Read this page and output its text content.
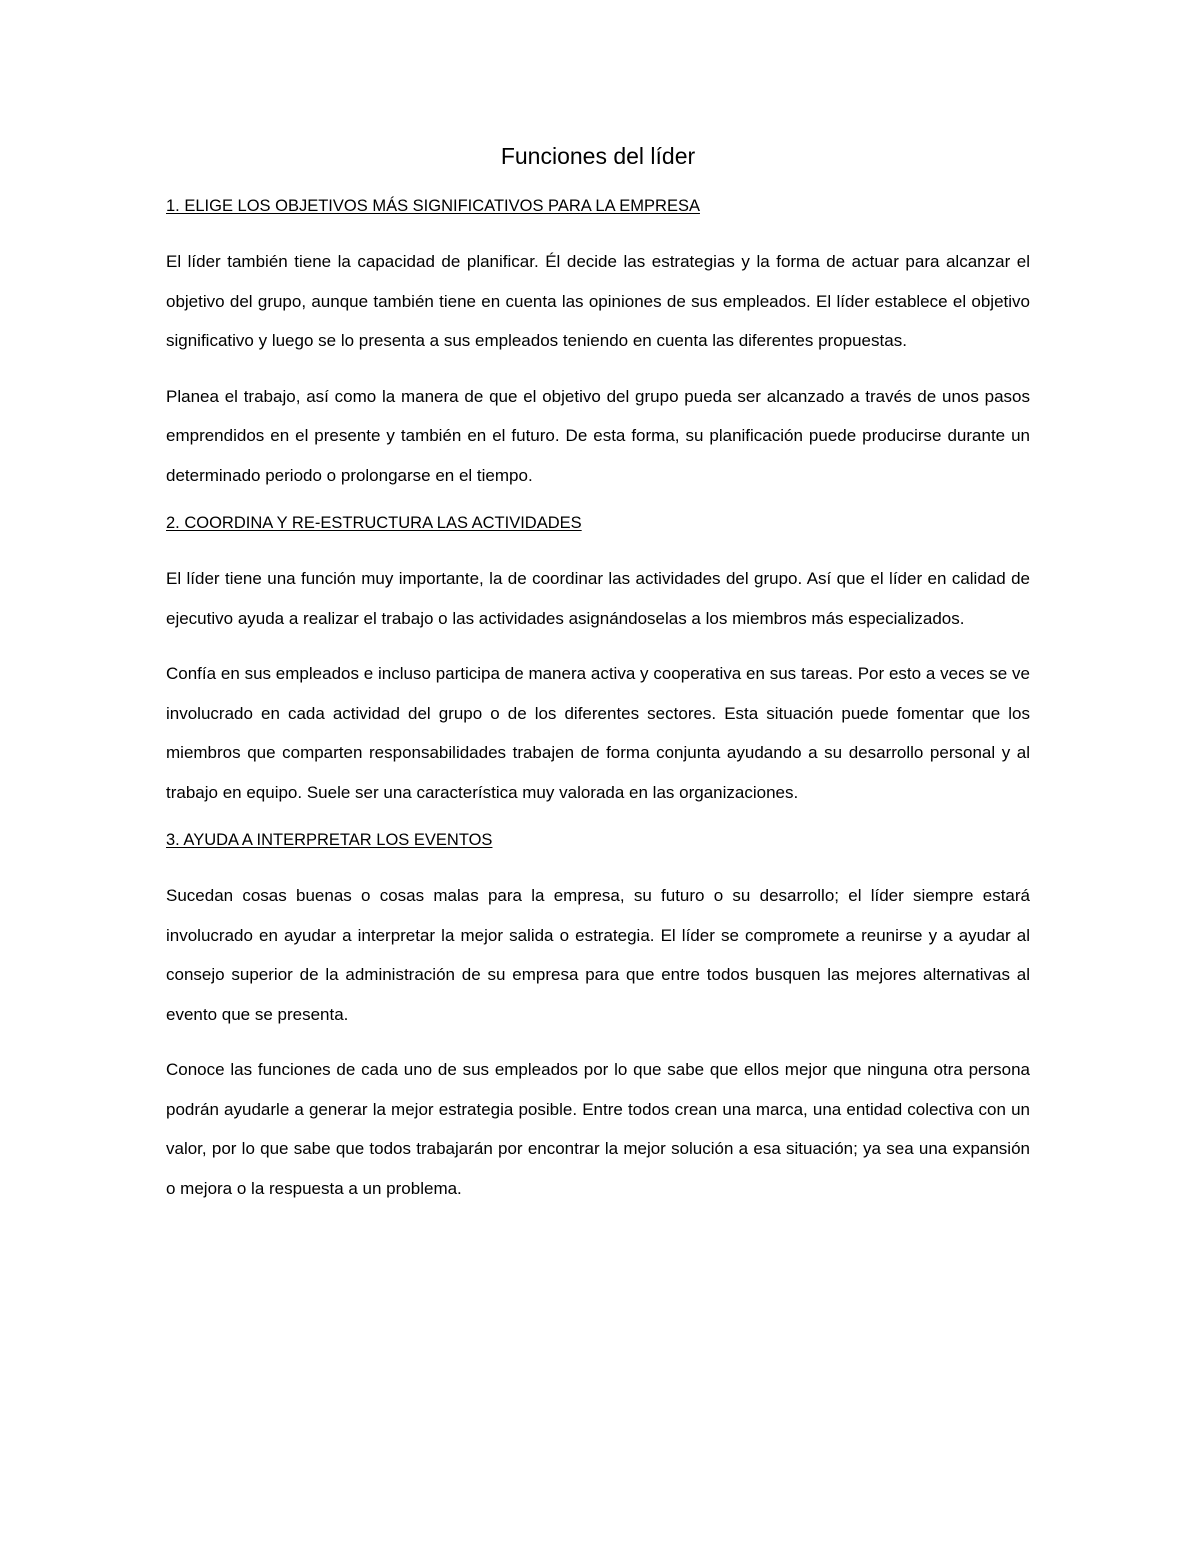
Funciones del líder
1. ELIGE LOS OBJETIVOS MÁS SIGNIFICATIVOS PARA LA EMPRESA

El líder también tiene la capacidad de planificar. Él decide las estrategias y la forma de actuar para alcanzar el objetivo del grupo, aunque también tiene en cuenta las opiniones de sus empleados. El líder establece el objetivo significativo y luego se lo presenta a sus empleados teniendo en cuenta las diferentes propuestas.

Planea el trabajo, así como la manera de que el objetivo del grupo pueda ser alcanzado a través de unos pasos emprendidos en el presente y también en el futuro. De esta forma, su planificación puede producirse durante un determinado periodo o prolongarse en el tiempo.

2. COORDINA Y RE-ESTRUCTURA LAS ACTIVIDADES

El líder tiene una función muy importante, la de coordinar las actividades del grupo. Así que el líder en calidad de ejecutivo ayuda a realizar el trabajo o las actividades asignándoselas a los miembros más especializados.

Confía en sus empleados e incluso participa de manera activa y cooperativa en sus tareas. Por esto a veces se ve involucrado en cada actividad del grupo o de los diferentes sectores. Esta situación puede fomentar que los miembros que comparten responsabilidades trabajen de forma conjunta ayudando a su desarrollo personal y al trabajo en equipo. Suele ser una característica muy valorada en las organizaciones.

3. AYUDA A INTERPRETAR LOS EVENTOS

Sucedan cosas buenas o cosas malas para la empresa, su futuro o su desarrollo; el líder siempre estará involucrado en ayudar a interpretar la mejor salida o estrategia. El líder se compromete a reunirse y a ayudar al consejo superior de la administración de su empresa para que entre todos busquen las mejores alternativas al evento que se presenta.

Conoce las funciones de cada uno de sus empleados por lo que sabe que ellos mejor que ninguna otra persona podrán ayudarle a generar la mejor estrategia posible. Entre todos crean una marca, una entidad colectiva con un valor, por lo que sabe que todos trabajarán por encontrar la mejor solución a esa situación; ya sea una expansión o mejora o la respuesta a un problema.
